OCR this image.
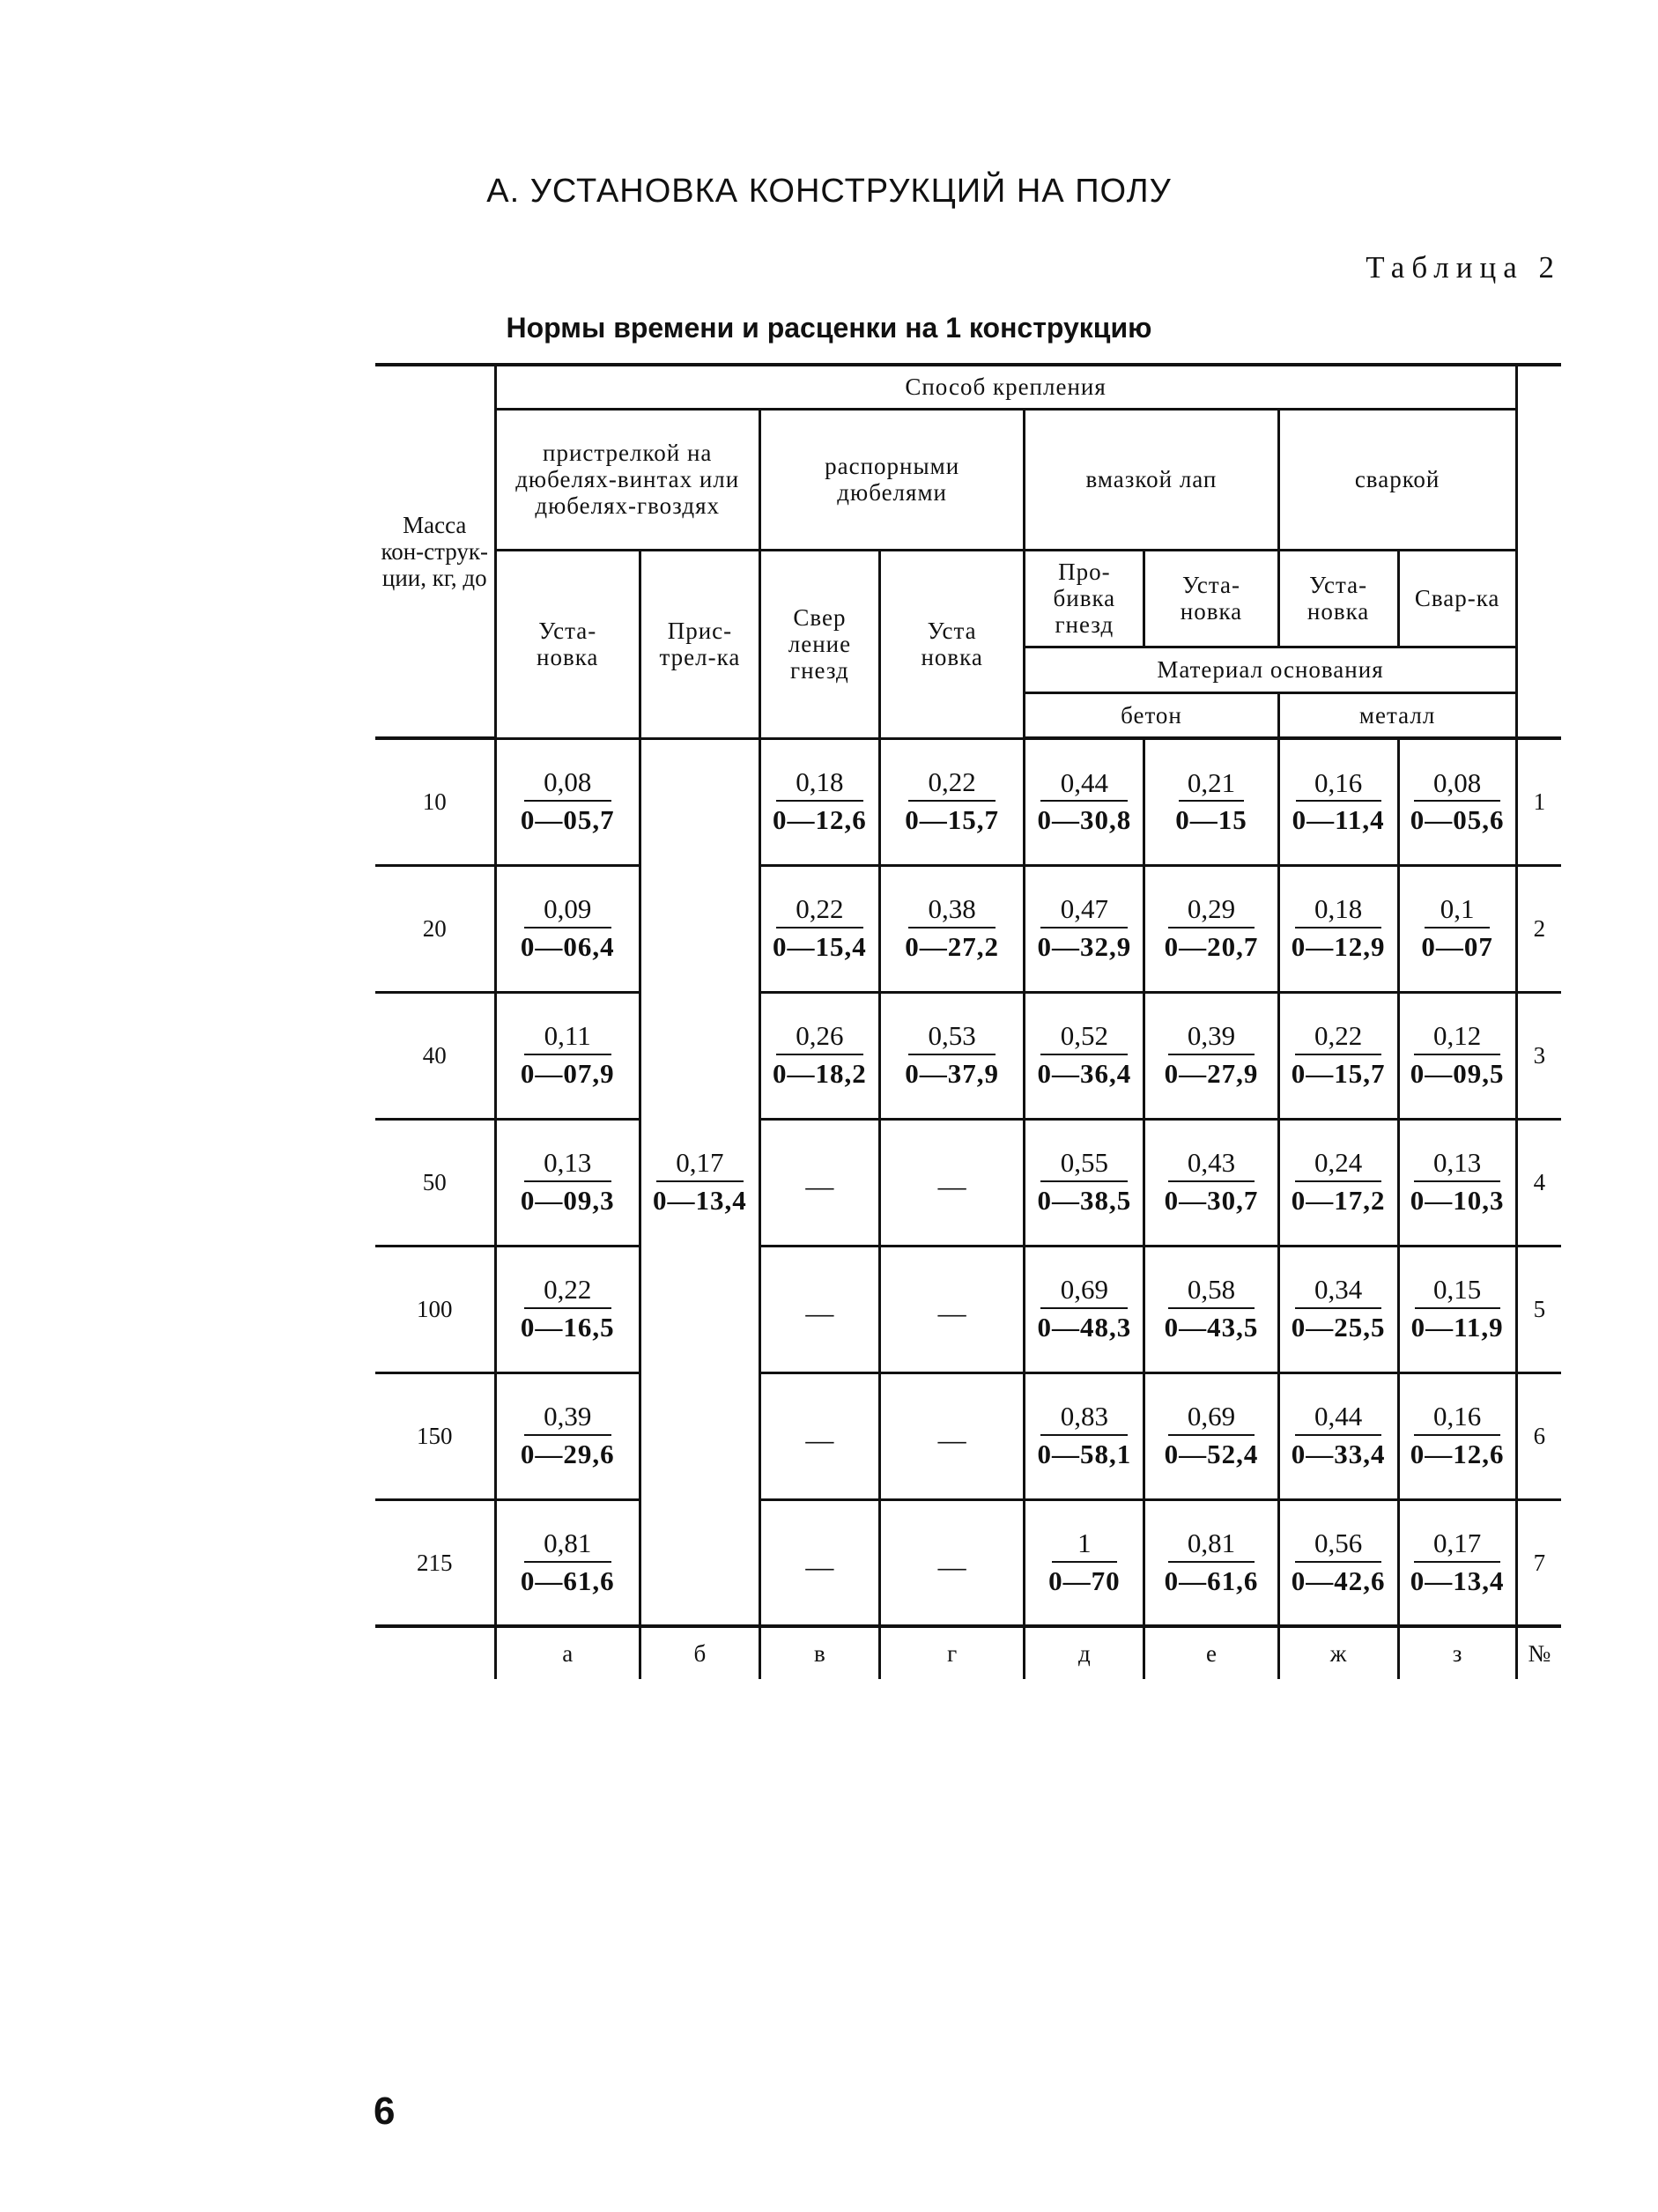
А. УСТАНОВКА КОНСТРУКЦИЙ НА ПОЛУ
Таблица 2
Нормы времени и расценки на 1 конструкцию
Масса кон-струк-ции, кг, до	Способ крепления								
	пристрелкой на дюбелях-винтах или дюбелях-гвоздях		распорными дюбелями		вмазкой лап		сваркой		
	Уста-новка	Прис-трел-ка	Свер ление гнезд	Уста новка	Про-бивка гнезд	Уста-новка	Уста-новка	Свар-ка	
					Материал основания				
					бетон		металл		
10	$\frac{0,08}{0—05,7}$	$\frac{0,17}{0—13,4}$	$\frac{0,18}{0—12,6}$	$\frac{0,22}{0—15,7}$	$\frac{0,44}{0—30,8}$	$\frac{0,21}{0—15}$	$\frac{0,16}{0—11,4}$	$\frac{0,08}{0—05,6}$	1
20	$\frac{0,09}{0—06,4}$		$\frac{0,22}{0—15,4}$	$\frac{0,38}{0—27,2}$	$\frac{0,47}{0—32,9}$	$\frac{0,29}{0—20,7}$	$\frac{0,18}{0—12,9}$	$\frac{0,1}{0—07}$	2
40	$\frac{0,11}{0—07,9}$		$\frac{0,26}{0—18,2}$	$\frac{0,53}{0—37,9}$	$\frac{0,52}{0—36,4}$	$\frac{0,39}{0—27,9}$	$\frac{0,22}{0—15,7}$	$\frac{0,12}{0—09,5}$	3
50	$\frac{0,13}{0—09,3}$		—	—	$\frac{0,55}{0—38,5}$	$\frac{0,43}{0—30,7}$	$\frac{0,24}{0—17,2}$	$\frac{0,13}{0—10,3}$	4
100	$\frac{0,22}{0—16,5}$		—	—	$\frac{0,69}{0—48,3}$	$\frac{0,58}{0—43,5}$	$\frac{0,34}{0—25,5}$	$\frac{0,15}{0—11,9}$	5
150	$\frac{0,39}{0—29,6}$		—	—	$\frac{0,83}{0—58,1}$	$\frac{0,69}{0—52,4}$	$\frac{0,44}{0—33,4}$	$\frac{0,16}{0—12,6}$	6
215	$\frac{0,81}{0—61,6}$		—	—	$\frac{1}{0—70}$	$\frac{0,81}{0—61,6}$	$\frac{0,56}{0—42,6}$	$\frac{0,17}{0—13,4}$	7
	а	б	в	г	д	е	ж	з	№
6
